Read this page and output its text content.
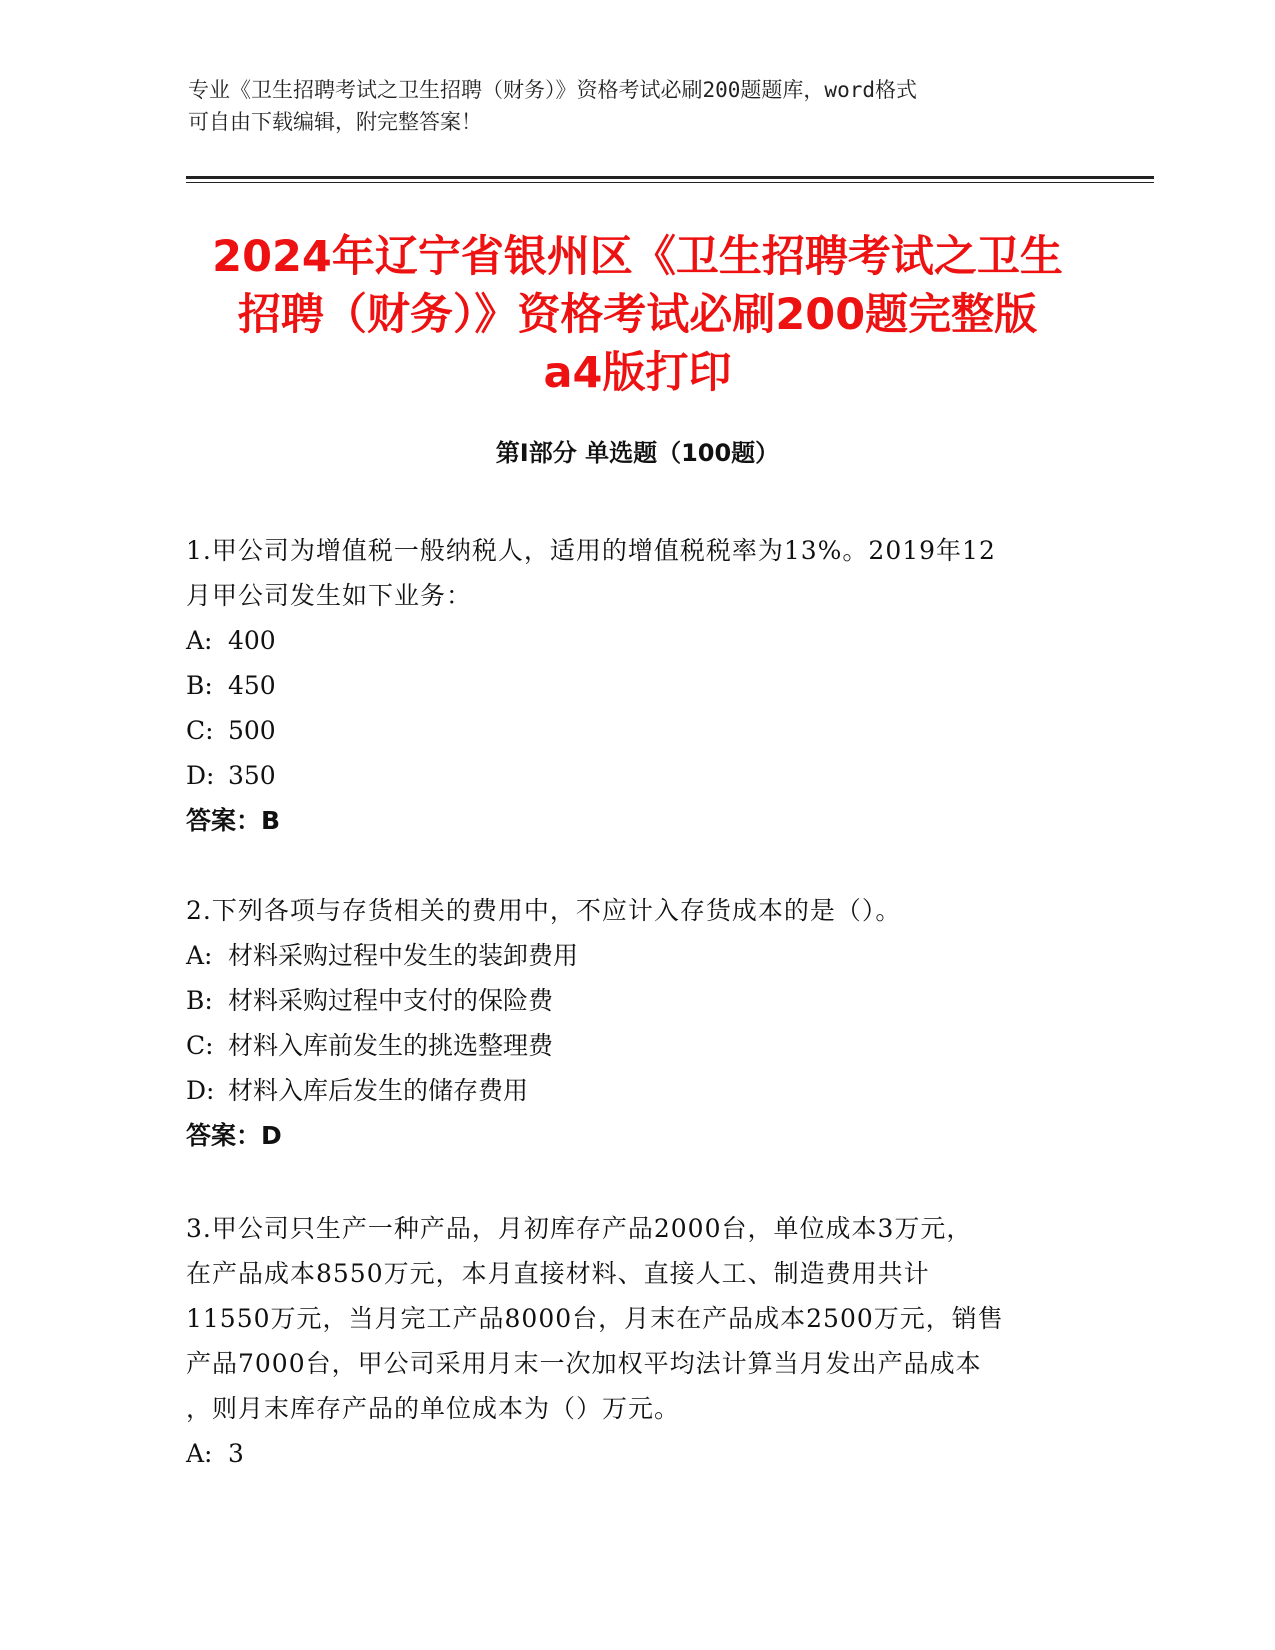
专业《卫生招聘考试之卫生招聘（财务）》资格考试必刷200题题库，word格式
可自由下载编辑，附完整答案！
2024年辽宁省银州区《卫生招聘考试之卫生
招聘（财务）》资格考试必刷200题完整版
a4版打印
第Ⅰ部分 单选题（100题）
1.甲公司为增值税一般纳税人，适用的增值税税率为13%。2019年12
月甲公司发生如下业务：
A: 400
B: 450
C: 500
D: 350
答案：B
2.下列各项与存货相关的费用中，不应计入存货成本的是（）。
A: 材料采购过程中发生的装卸费用
B: 材料采购过程中支付的保险费
C: 材料入库前发生的挑选整理费
D: 材料入库后发生的储存费用
答案：D
3.甲公司只生产一种产品，月初库存产品2000台，单位成本3万元，
在产品成本8550万元，本月直接材料、直接人工、制造费用共计
11550万元，当月完工产品8000台，月末在产品成本2500万元，销售
产品7000台，甲公司采用月末一次加权平均法计算当月发出产品成本
，则月末库存产品的单位成本为（）万元。
A: 3
